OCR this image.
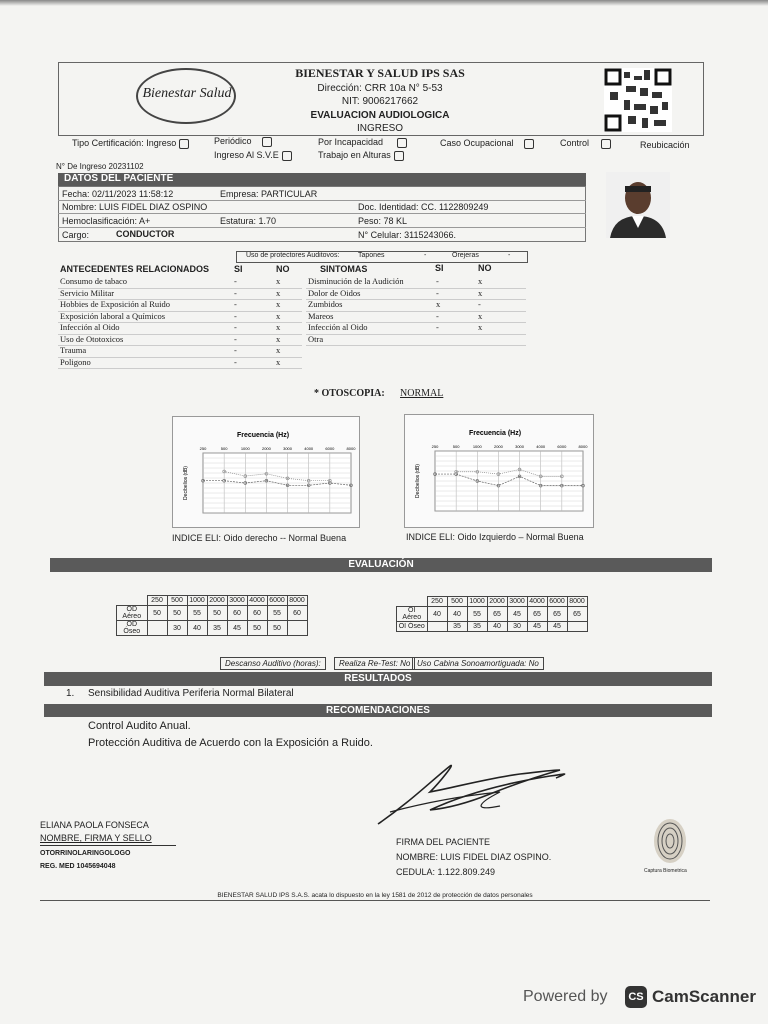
Bienestar Salud
BIENESTAR Y SALUD IPS SAS
Dirección: CRR 10a N° 5-53
NIT: 9006217662
EVALUACION AUDIOLOGICA
INGRESO
Tipo Certificación: Ingreso	Periódico
Ingreso Al S.V.E
Por Incapacidad
Trabajo en Alturas
Caso Ocupacional	Control	Reubicación
N° De Ingreso 20231102
DATOS DEL PACIENTE
Fecha: 02/11/2023 11:58:12	Empresa: PARTICULAR
Nombre: LUIS FIDEL DIAZ OSPINO	Doc. Identidad: CC. 1122809249
Hemoclasificación: A+	Estatura: 1.70	Peso: 78 KL
Cargo:	CONDUCTOR	N° Celular: 3115243066.
Uso de protectores Auditovos:	Tapones	-	Orejeras	-
ANTECEDENTES RELACIONADOS	SI	NO
Consumo de tabaco	-	x
Servicio Militar	-	x
Hobbies de Exposición al Ruido	-	x
Exposición laboral a Químicos	-	x
Infección al Oido	-	x
Uso de Ototoxicos	-	x
Trauma	-	x
Poligono	-	x
SINTOMAS	SI	NO
Disminución de la Audición	-	x
Dolor de Oidos	-	x
Zumbidos	x	-
Mareos	-	x
Infección al Oido	-	x
Otra
* OTOSCOPIA: NORMAL
Frecuencia (Hz)
Decibelios (dB)
250	500	1000	2000	3000	4000	6000	8000
Frecuencia (Hz)
Decibelios (dB)
250	500	1000	2000	3000	4000	6000	8000
INDICE ELI: Oido derecho -- Normal Buena	INDICE ELI: Oido Izquierdo – Normal Buena
EVALUACIÓN
	250	500	1000	2000	3000	4000	6000	8000
OD Aéreo	50	50	55	50	60	60	55	60
OD Óseo		30	40	35	45	50	50	
	250	500	1000	2000	3000	4000	6000	8000
OI Aéreo	40	40	55	65	45	65	65	65
OI Óseo		35	35	40	30	45	45	
Descanso Auditivo (horas):	Realiza Re-Test: No Uso Cabina Sonoamortiguada: No
RESULTADOS
1. Sensibilidad Auditiva Periferia Normal Bilateral
RECOMENDACIONES
Control Audito Anual.
Protección Auditiva de Acuerdo con la Exposición a Ruido.
ELIANA PAOLA FONSECA
NOMBRE, FIRMA Y SELLO
OTORRINOLARINGOLOGO
REG. MED 1045694048
FIRMA DEL PACIENTE
NOMBRE: LUIS FIDEL DIAZ OSPINO.
CEDULA: 1.122.809.249	Captura Biometrica
BIENESTAR SALUD IPS S.A.S. acata lo dispuesto en la ley 1581 de 2012 de protección de datos personales
Powered by	CS CamScanner
